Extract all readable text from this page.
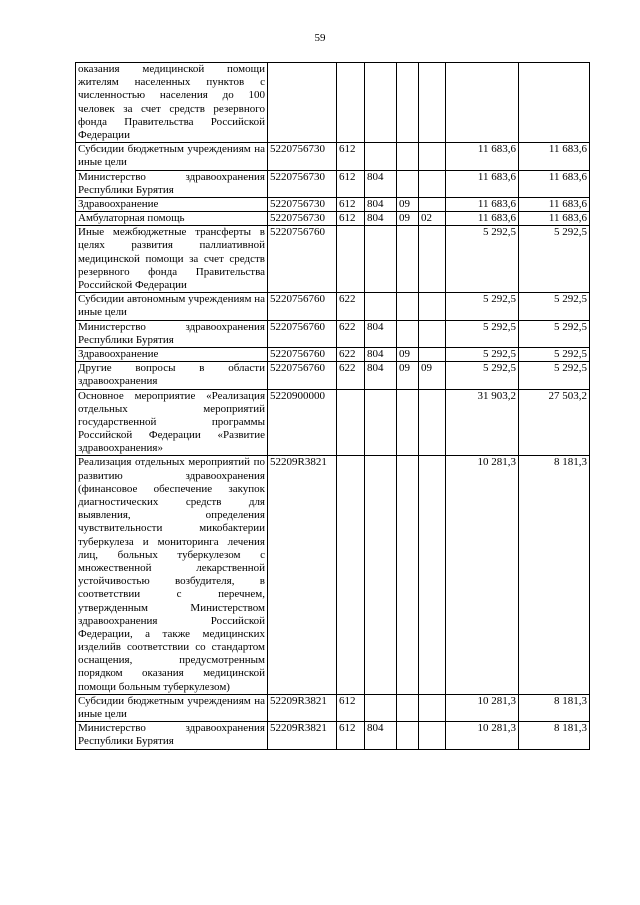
59
оказания медицинской помощи жителям населенных пунктов с численностью населения до 100 человек за счет средств резервного фонда Правительства Российской Федерации							
Субсидии бюджетным учреждениям на иные цели	5220756730	612				11 683,6	11 683,6
Министерство здравоохранения Республики Бурятия	5220756730	612	804			11 683,6	11 683,6
Здравоохранение	5220756730	612	804	09		11 683,6	11 683,6
Амбулаторная помощь	5220756730	612	804	09	02	11 683,6	11 683,6
Иные межбюджетные трансферты в целях развития паллиативной медицинской помощи за счет средств резервного фонда Правительства Российской Федерации	5220756760					5 292,5	5 292,5
Субсидии автономным учреждениям на иные цели	5220756760	622				5 292,5	5 292,5
Министерство здравоохранения Республики Бурятия	5220756760	622	804			5 292,5	5 292,5
Здравоохранение	5220756760	622	804	09		5 292,5	5 292,5
Другие вопросы в области здравоохранения	5220756760	622	804	09	09	5 292,5	5 292,5
Основное мероприятие «Реализация отдельных мероприятий государственной программы Российской Федерации «Развитие здравоохранения»	5220900000					31 903,2	27 503,2
Реализация отдельных мероприятий по развитию здравоохранения (финансовое обеспечение закупок диагностических средств для выявления, определения чувствительности микобактерии туберкулеза и мониторинга лечения лиц, больных туберкулезом с множественной лекарственной устойчивостью возбудителя, в соответствии с перечнем, утвержденным Министерством здравоохранения Российской Федерации, а также медицинских изделийв соответствии со стандартом оснащения, предусмотренным порядком оказания медицинской помощи больным туберкулезом)	52209R3821					10 281,3	8 181,3
Субсидии бюджетным учреждениям на иные цели	52209R3821	612				10 281,3	8 181,3
Министерство здравоохранения Республики Бурятия	52209R3821	612	804			10 281,3	8 181,3
